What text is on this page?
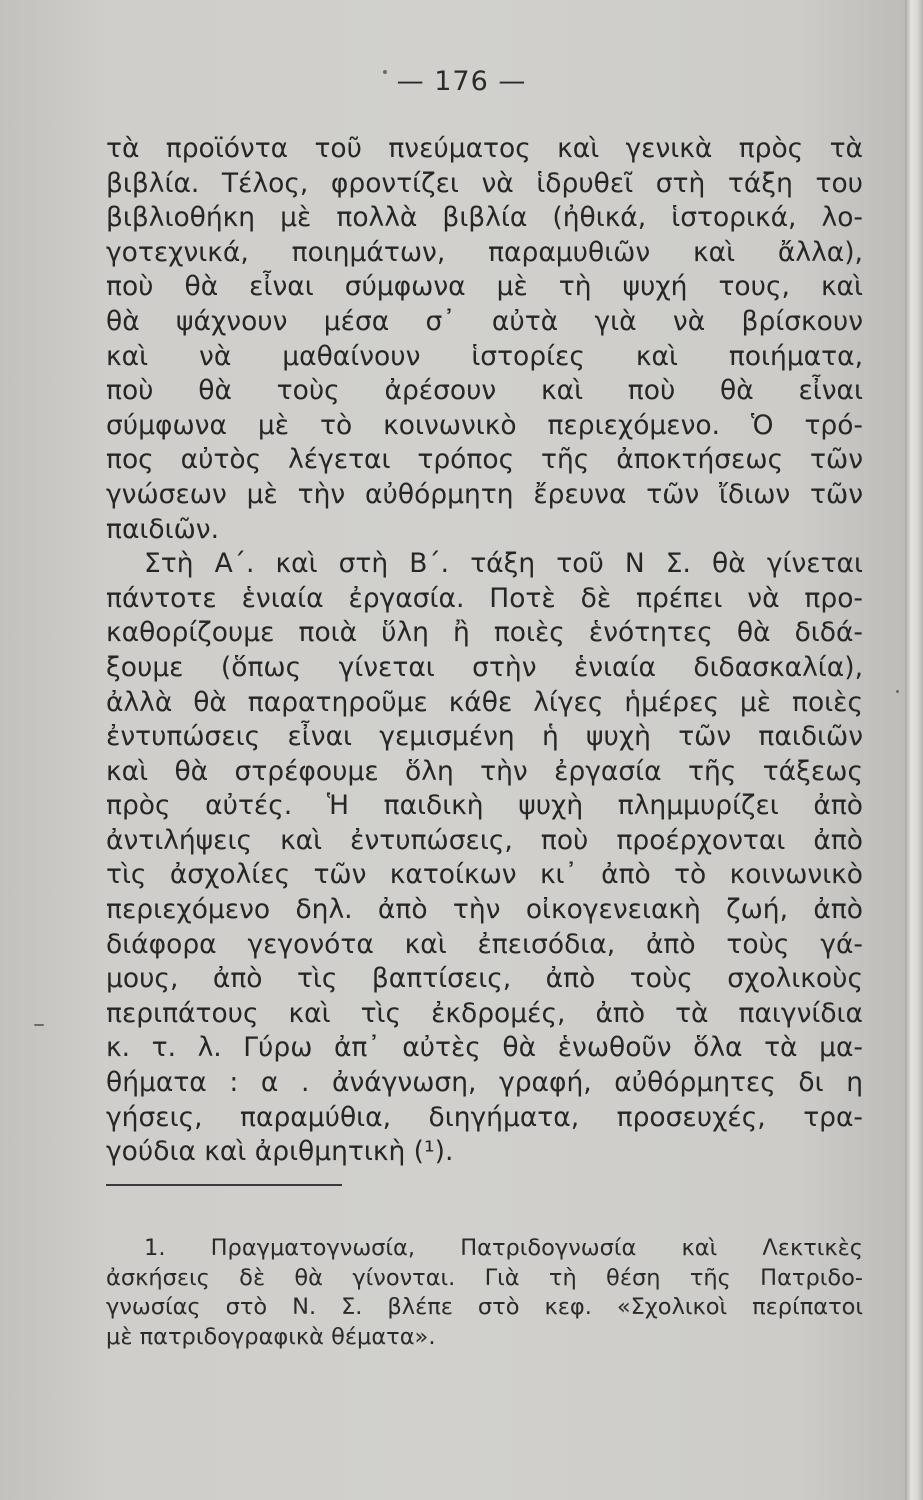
— 176 —
τὰ προϊόντα τοῦ πνεύματος καὶ γενικὰ πρὸς τὰ
βιβλία. Τέλος, φροντίζει νὰ ἱδρυθεῖ στὴ τάξη του
βιβλιοθήκη μὲ πολλὰ βιβλία (ἠθικά, ἱστορικά, λο-
γοτεχνικά, ποιημάτων, παραμυθιῶν καὶ ἄλλα),
ποὺ θὰ εἶναι σύμφωνα μὲ τὴ ψυχή τους, καὶ
θὰ ψάχνουν μέσα σ᾽ αὐτὰ γιὰ νὰ βρίσκουν
καὶ νὰ μαθαίνουν ἱστορίες καὶ ποιήματα,
ποὺ θὰ τοὺς ἀρέσουν καὶ ποὺ θὰ εἶναι
σύμφωνα μὲ τὸ κοινωνικὸ περιεχόμενο. Ὁ τρό-
πος αὐτὸς λέγεται τρόπος τῆς ἀποκτήσεως τῶν
γνώσεων μὲ τὴν αὐθόρμητη ἔρευνα τῶν ἴδιων τῶν
παιδιῶν.
Στὴ Α΄. καὶ στὴ Β΄. τάξη τοῦ Ν Σ. θὰ γίνεται
πάντοτε ἑνιαία ἐργασία. Ποτὲ δὲ πρέπει νὰ προ-
καθορίζουμε ποιὰ ὕλη ἢ ποιὲς ἑνότητες θὰ διδά-
ξουμε (ὅπως γίνεται στὴν ἑνιαία διδασκαλία),
ἀλλὰ θὰ παρατηροῦμε κάθε λίγες ἡμέρες μὲ ποιὲς
ἐντυπώσεις εἶναι γεμισμένη ἡ ψυχὴ τῶν παιδιῶν
καὶ θὰ στρέφουμε ὅλη τὴν ἐργασία τῆς τάξεως
πρὸς αὐτές. Ἡ παιδικὴ ψυχὴ πλημμυρίζει ἀπὸ
ἀντιλήψεις καὶ ἐντυπώσεις, ποὺ προέρχονται ἀπὸ
τὶς ἀσχολίες τῶν κατοίκων κι᾽ ἀπὸ τὸ κοινωνικὸ
περιεχόμενο δηλ. ἀπὸ τὴν οἰκογενειακὴ ζωή, ἀπὸ
διάφορα γεγονότα καὶ ἐπεισόδια, ἀπὸ τοὺς γά-
μους, ἀπὸ τὶς βαπτίσεις, ἀπὸ τοὺς σχολικοὺς
περιπάτους καὶ τὶς ἐκδρομές, ἀπὸ τὰ παιγνίδια
κ. τ. λ. Γύρω ἀπ᾽ αὐτὲς θὰ ἑνωθοῦν ὅλα τὰ μα-
θήματα : α . ἀνάγνωση, γραφή, αὐθόρμητες δι η
γήσεις, παραμύθια, διηγήματα, προσευχές, τρα-
γούδια καὶ ἀριθμητικὴ (¹).
1. Πραγματογνωσία, Πατριδογνωσία καὶ Λεκτικὲς
ἀσκήσεις δὲ θὰ γίνονται. Γιὰ τὴ θέση τῆς Πατριδο-
γνωσίας στὸ Ν. Σ. βλέπε στὸ κεφ. «Σχολικοὶ περίπατοι
μὲ πατριδογραφικὰ θέματα».
